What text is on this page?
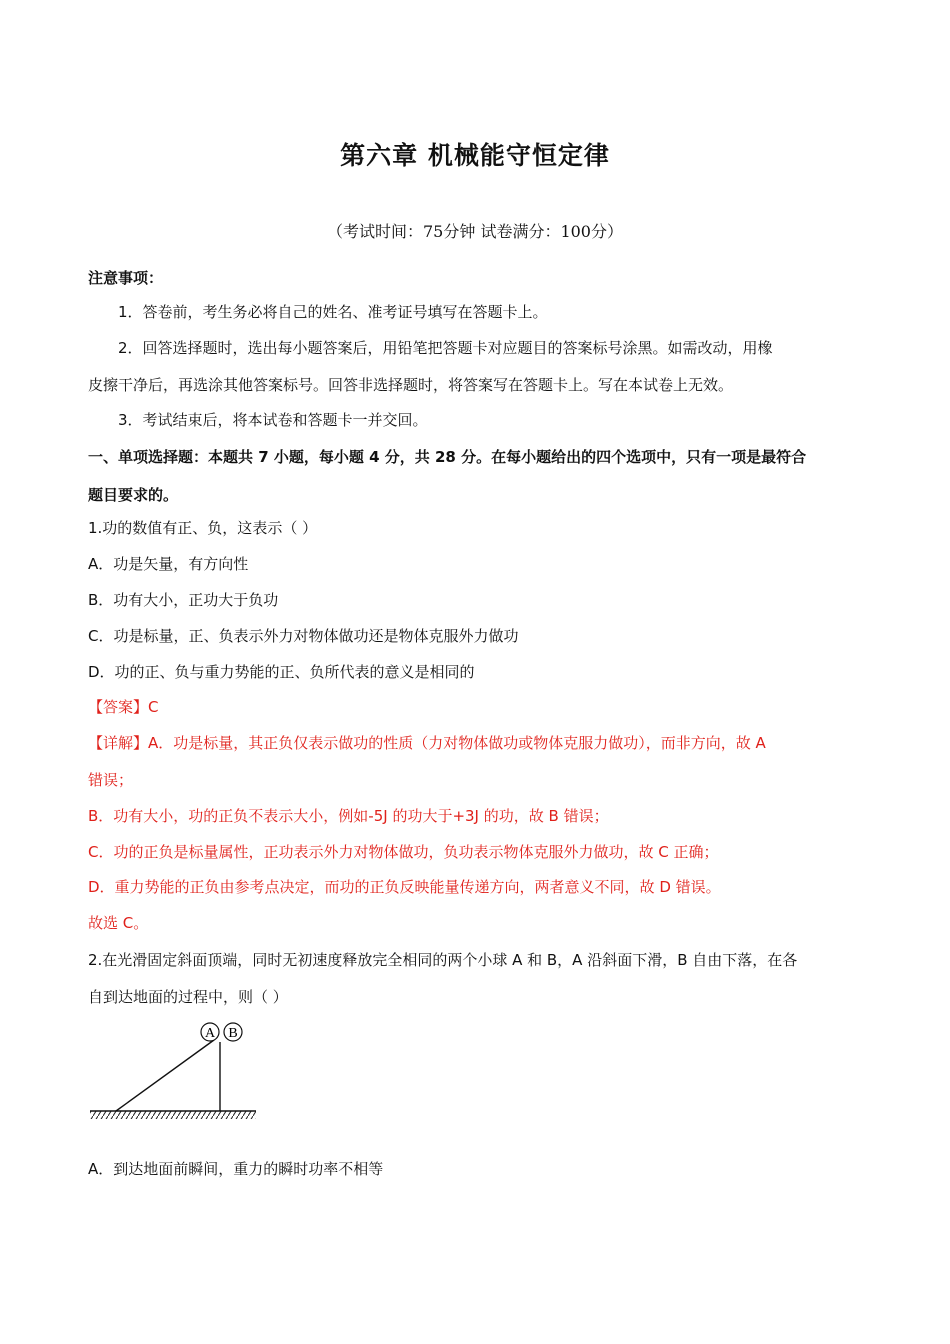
第六章 机械能守恒定律
（考试时间：75分钟 试卷满分：100分）
注意事项：
1．答卷前，考生务必将自己的姓名、准考证号填写在答题卡上。
2．回答选择题时，选出每小题答案后，用铅笔把答题卡对应题目的答案标号涂黑。如需改动，用橡
皮擦干净后，再选涂其他答案标号。回答非选择题时，将答案写在答题卡上。写在本试卷上无效。
3．考试结束后，将本试卷和答题卡一并交回。
一、单项选择题：本题共 7 小题，每小题 4 分，共 28 分。在每小题给出的四个选项中，只有一项是最符合
题目要求的。
1.功的数值有正、负，这表示（ ）
A．功是矢量，有方向性
B．功有大小，正功大于负功
C．功是标量，正、负表示外力对物体做功还是物体克服外力做功
D．功的正、负与重力势能的正、负所代表的意义是相同的
【答案】C
【详解】A．功是标量，其正负仅表示做功的性质（力对物体做功或物体克服力做功），而非方向，故 A
错误；
B．功有大小，功的正负不表示大小，例如-5J 的功大于+3J 的功，故 B 错误；
C．功的正负是标量属性，正功表示外力对物体做功，负功表示物体克服外力做功，故 C 正确；
D．重力势能的正负由参考点决定，而功的正负反映能量传递方向，两者意义不同，故 D 错误。
故选 C。
2.在光滑固定斜面顶端，同时无初速度释放完全相同的两个小球 A 和 B，A 沿斜面下滑，B 自由下落，在各
自到达地面的过程中，则（ ）
A B
A．到达地面前瞬间，重力的瞬时功率不相等
